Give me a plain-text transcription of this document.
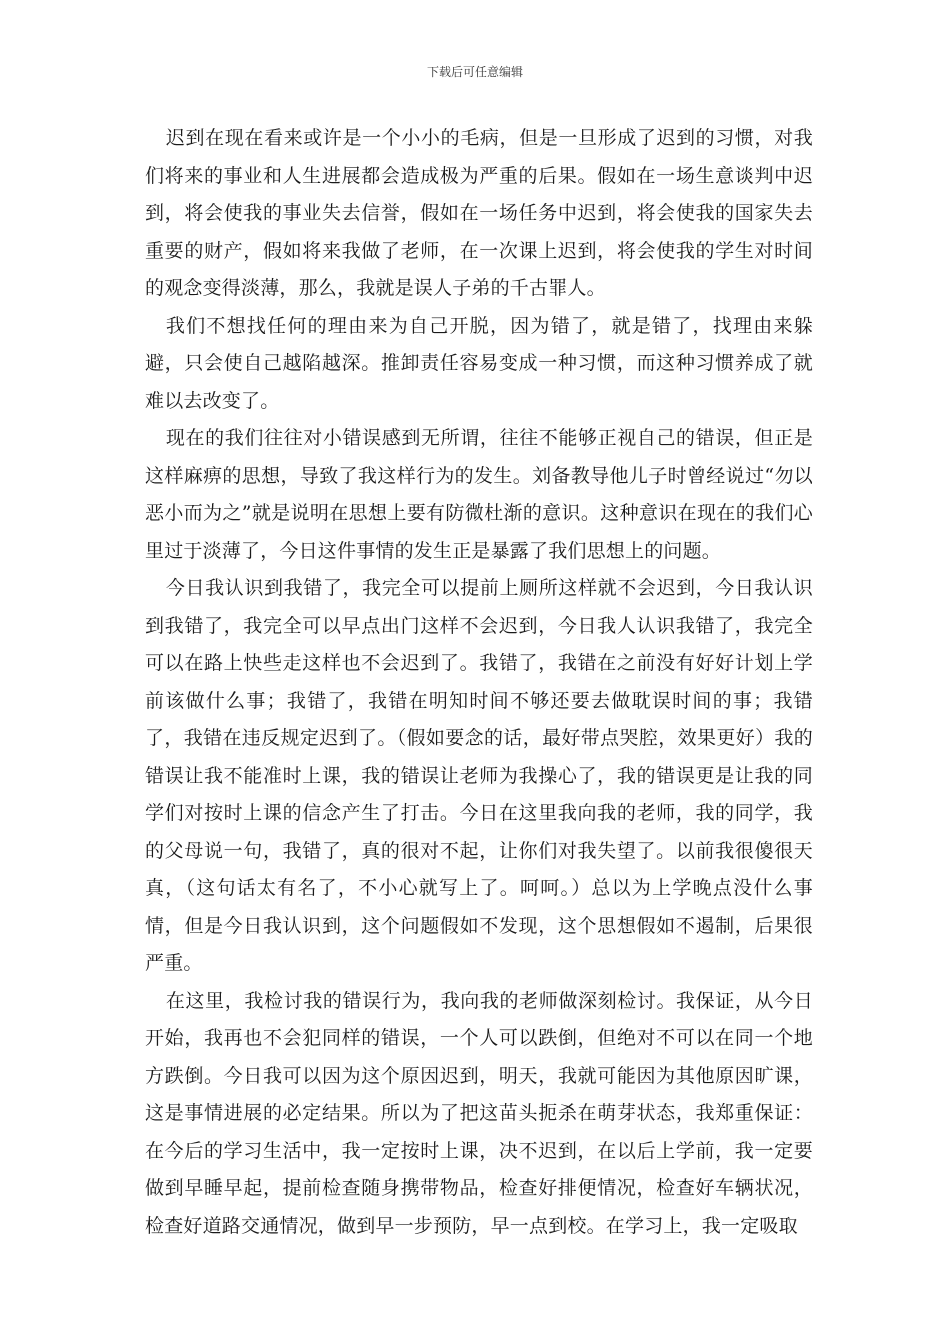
下载后可任意编辑

迟到在现在看来或许是一个小小的毛病，但是一旦形成了迟到的习惯，对我们将来的事业和人生进展都会造成极为严重的后果。假如在一场生意谈判中迟到，将会使我的事业失去信誉，假如在一场任务中迟到，将会使我的国家失去重要的财产，假如将来我做了老师，在一次课上迟到，将会使我的学生对时间的观念变得淡薄，那么，我就是误人子弟的千古罪人。

我们不想找任何的理由来为自己开脱，因为错了，就是错了，找理由来躲避，只会使自己越陷越深。推卸责任容易变成一种习惯，而这种习惯养成了就难以去改变了。

现在的我们往往对小错误感到无所谓，往往不能够正视自己的错误，但正是这样麻痹的思想，导致了我这样行为的发生。刘备教导他儿子时曾经说过“勿以恶小而为之”就是说明在思想上要有防微杜渐的意识。这种意识在现在的我们心里过于淡薄了，今日这件事情的发生正是暴露了我们思想上的问题。

今日我认识到我错了，我完全可以提前上厕所这样就不会迟到，今日我认识到我错了，我完全可以早点出门这样不会迟到，今日我人认识我错了，我完全可以在路上快些走这样也不会迟到了。我错了，我错在之前没有好好计划上学前该做什么事；我错了，我错在明知时间不够还要去做耽误时间的事；我错了，我错在违反规定迟到了。（假如要念的话，最好带点哭腔，效果更好）我的错误让我不能准时上课，我的错误让老师为我操心了，我的错误更是让我的同学们对按时上课的信念产生了打击。今日在这里我向我的老师，我的同学，我的父母说一句，我错了，真的很对不起，让你们对我失望了。以前我很傻很天真，（这句话太有名了，不小心就写上了。呵呵。）总以为上学晚点没什么事情，但是今日我认识到，这个问题假如不发现，这个思想假如不遏制，后果很严重。

在这里，我检讨我的错误行为，我向我的老师做深刻检讨。我保证，从今日开始，我再也不会犯同样的错误，一个人可以跌倒，但绝对不可以在同一个地方跌倒。今日我可以因为这个原因迟到，明天，我就可能因为其他原因旷课，这是事情进展的必定结果。所以为了把这苗头扼杀在萌芽状态，我郑重保证：在今后的学习生活中，我一定按时上课，决不迟到，在以后上学前，我一定要做到早睡早起，提前检查随身携带物品，检查好排便情况，检查好车辆状况，检查好道路交通情况，做到早一步预防，早一点到校。在学习上，我一定吸取
